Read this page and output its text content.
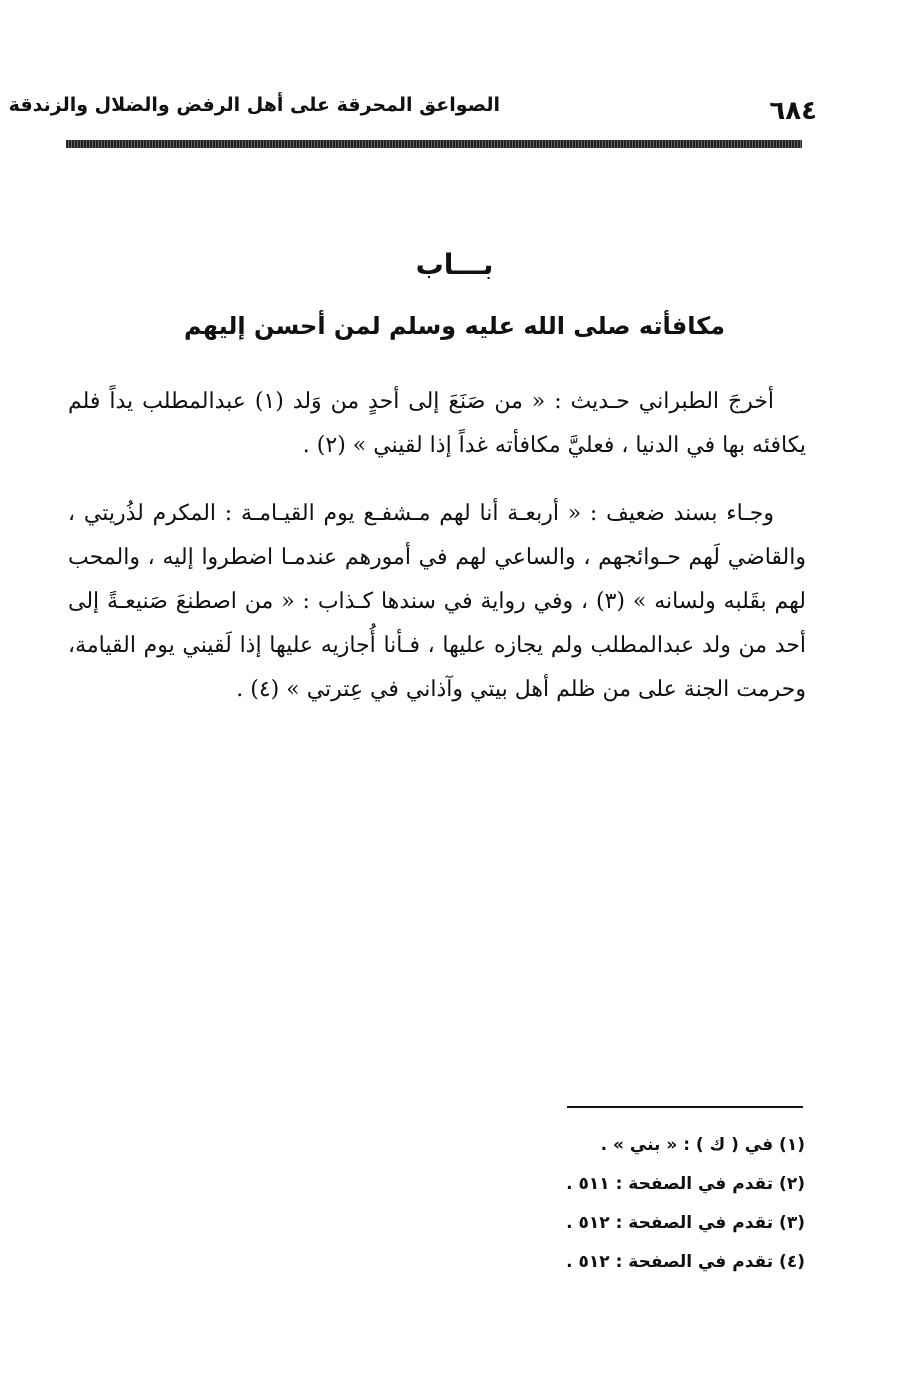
٦٨٤
الصواعق المحرقة على أهل الرفض والضلال والزندقة
بـــاب
مكافأته صلى الله عليه وسلم لمن أحسن إليهم

أخرجَ الطبراني حـديث : « من صَنَعَ إلى أحدٍ من وَلد (١) عبدالمطلب يداً فلم يكافئه بها في الدنيا ، فعليَّ مكافأته غداً إذا لقيني » (٢) .

وجـاء بسند ضعيف : « أربعـة أنا لهم مـشفـع يوم القيـامـة : المكرم لذُريتي ، والقاضي لَهم حـوائجهم ، والساعي لهم في أمورهم عندمـا اضطروا إليه ، والمحب لهم بقَلبه ولسانه » (٣) ، وفي رواية في سندها كـذاب : « من اصطنعَ صَنيعـةً إلى أحد من ولد عبدالمطلب ولم يجازه عليها ، فـأنا أُجازيه عليها إذا لَقيني يوم القيامة، وحرمت الجنة على من ظلم أهل بيتي وآذاني في عِترتي » (٤) .

(١) في ( ك ) : « بني » .
(٢) تقدم في الصفحة : ٥١١ .
(٣) تقدم في الصفحة : ٥١٢ .
(٤) تقدم في الصفحة : ٥١٢ .
